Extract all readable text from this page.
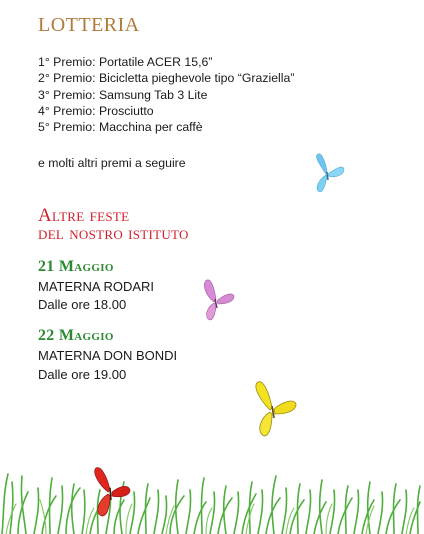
LOTTERIA
1° Premio: Portatile ACER 15,6”
2° Premio: Bicicletta pieghevole tipo “Graziella”
3° Premio: Samsung Tab 3 Lite
4° Premio: Prosciutto
5° Premio: Macchina per caffè
e molti altri premi a seguire
Altre feste
del nostro istituto
21 Maggio
MATERNA RODARI
Dalle ore 18.00
22 Maggio
MATERNA DON BONDI
Dalle ore 19.00
